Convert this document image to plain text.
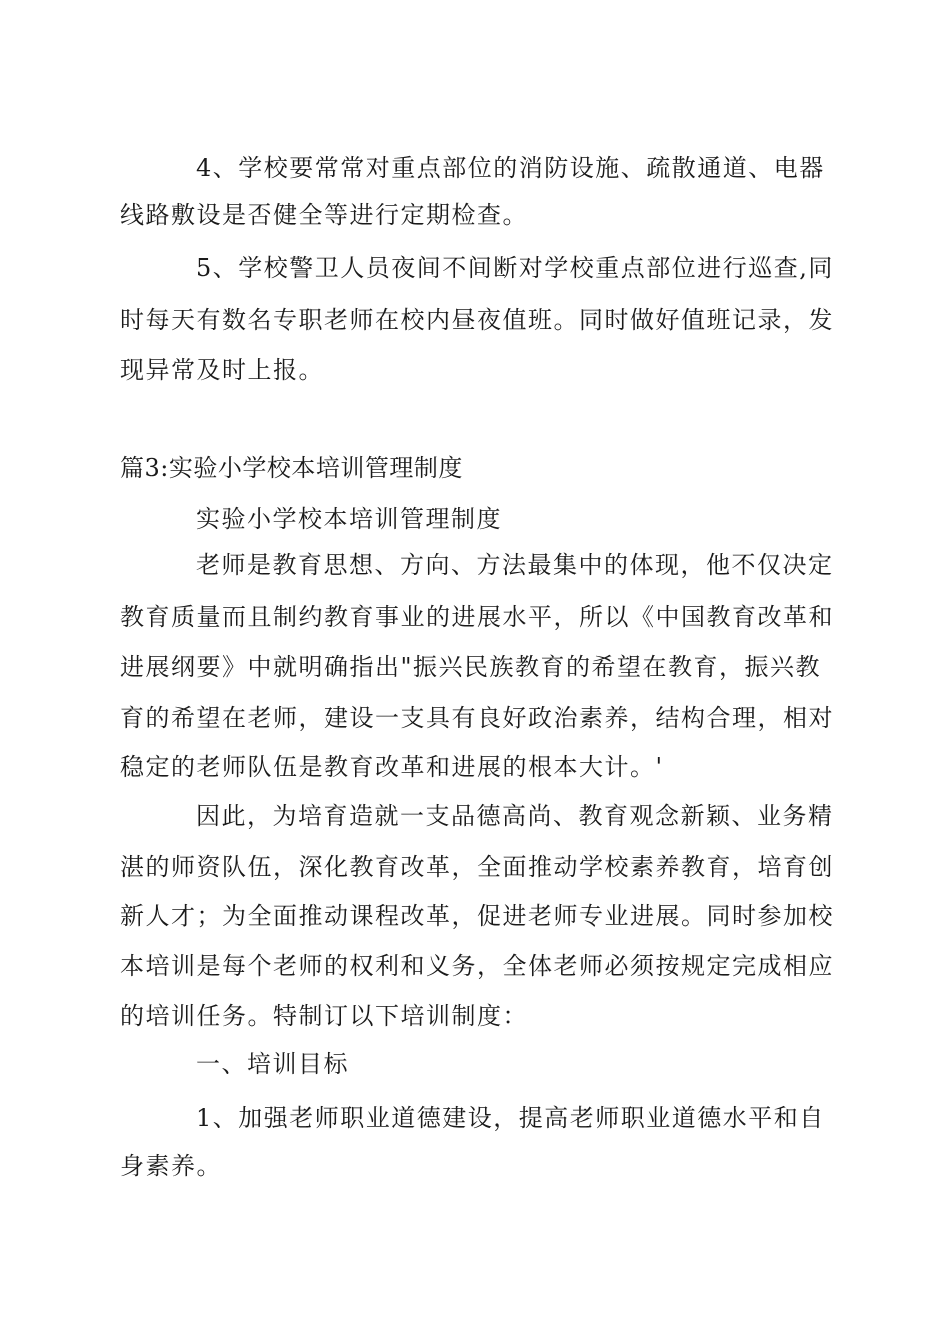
4、学校要常常对重点部位的消防设施、疏散通道、电器
线路敷设是否健全等进行定期检查。
5、学校警卫人员夜间不间断对学校重点部位进行巡查,同
时每天有数名专职老师在校内昼夜值班。同时做好值班记录，发
现异常及时上报。
篇3:实验小学校本培训管理制度
实验小学校本培训管理制度
老师是教育思想、方向、方法最集中的体现，他不仅决定
教育质量而且制约教育事业的进展水平，所以《中国教育改革和
进展纲要》中就明确指出"振兴民族教育的希望在教育，振兴教
育的希望在老师，建设一支具有良好政治素养，结构合理，相对
稳定的老师队伍是教育改革和进展的根本大计。'
因此，为培育造就一支品德高尚、教育观念新颖、业务精
湛的师资队伍，深化教育改革，全面推动学校素养教育，培育创
新人才；为全面推动课程改革，促进老师专业进展。同时参加校
本培训是每个老师的权利和义务，全体老师必须按规定完成相应
的培训任务。特制订以下培训制度：
一、培训目标
1、加强老师职业道德建设，提高老师职业道德水平和自
身素养。
